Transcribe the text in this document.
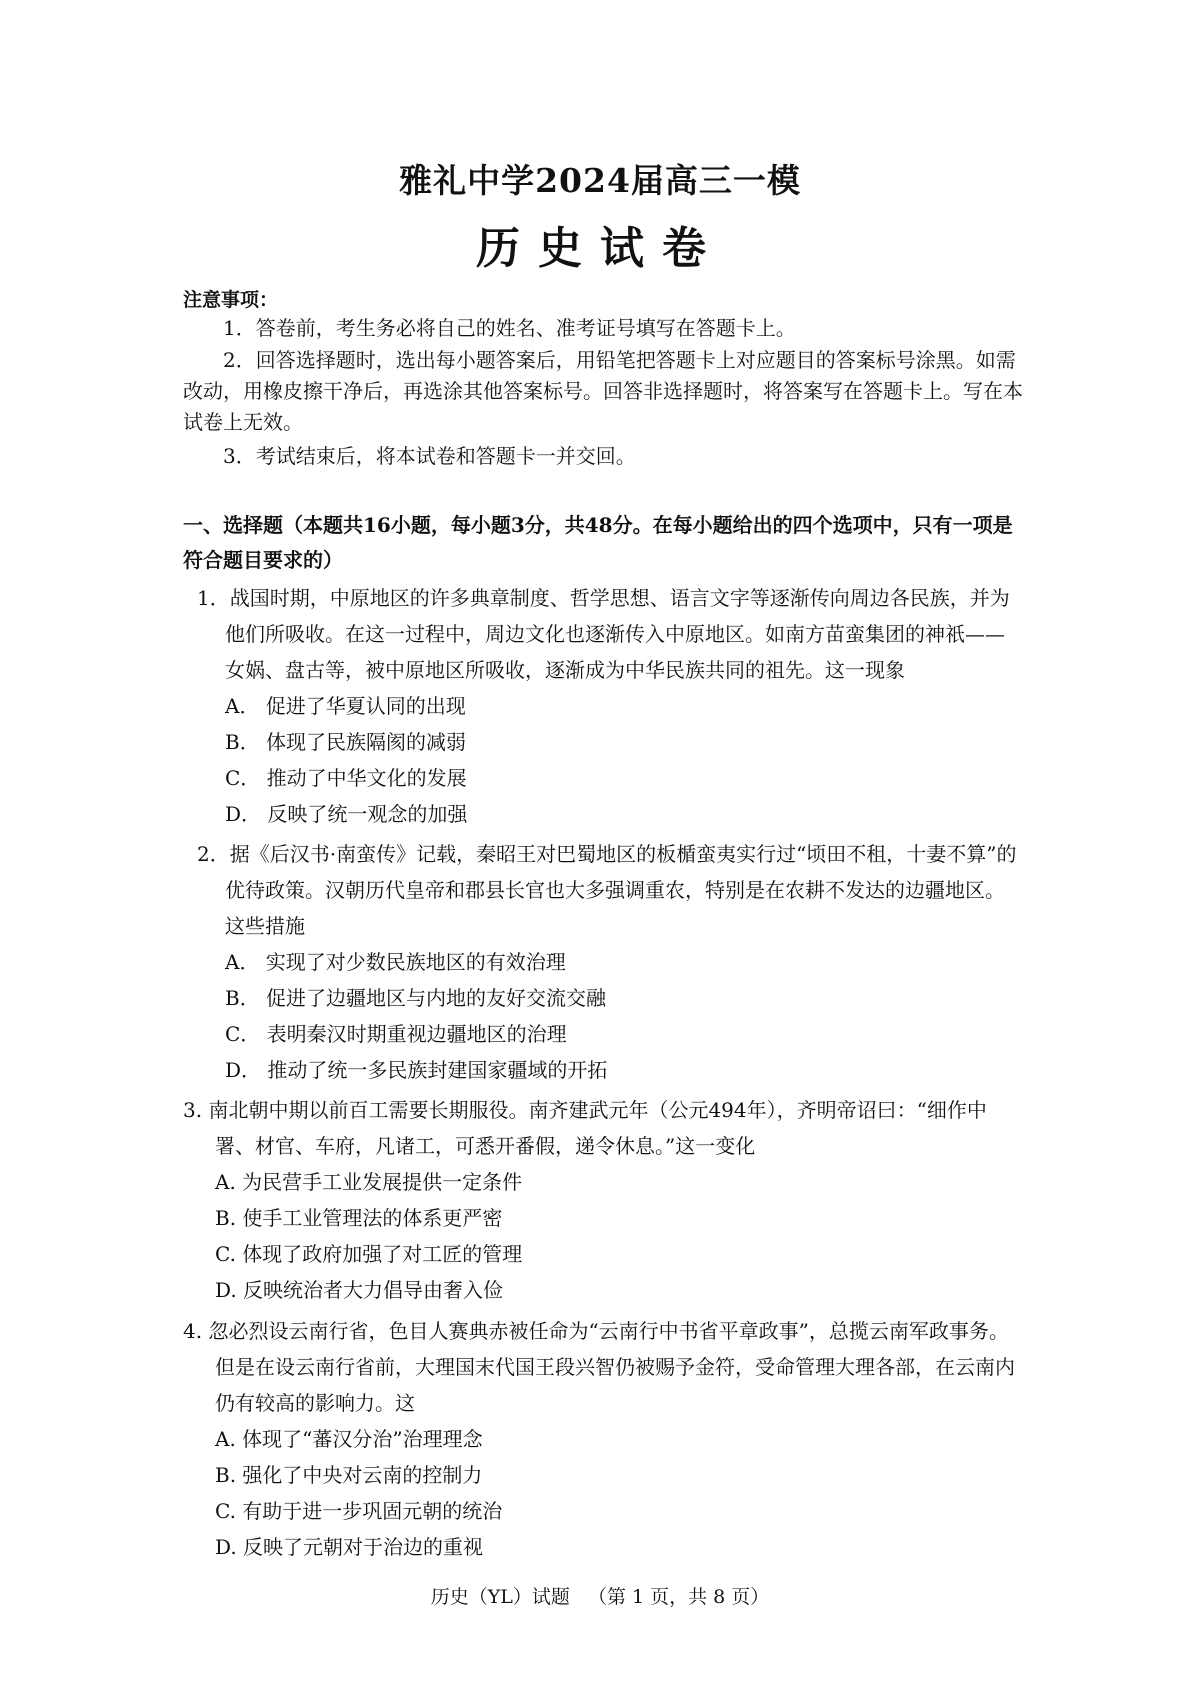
雅礼中学2024届高三一模
历史试卷
注意事项：
1．答卷前，考生务必将自己的姓名、准考证号填写在答题卡上。
2．回答选择题时，选出每小题答案后，用铅笔把答题卡上对应题目的答案标号涂黑。如需改动，用橡皮擦干净后，再选涂其他答案标号。回答非选择题时，将答案写在答题卡上。写在本试卷上无效。
3．考试结束后，将本试卷和答题卡一并交回。
一、选择题（本题共16小题，每小题3分，共48分。在每小题给出的四个选项中，只有一项是符合题目要求的）
1．战国时期，中原地区的许多典章制度、哲学思想、语言文字等逐渐传向周边各民族，并为他们所吸收。在这一过程中，周边文化也逐渐传入中原地区。如南方苗蛮集团的神祇——女娲、盘古等，被中原地区所吸收，逐渐成为中华民族共同的祖先。这一现象
A． 促进了华夏认同的出现
B． 体现了民族隔阂的减弱
C． 推动了中华文化的发展
D． 反映了统一观念的加强
2．据《后汉书·南蛮传》记载，秦昭王对巴蜀地区的板楯蛮夷实行过“顷田不租，十妻不算”的优待政策。汉朝历代皇帝和郡县长官也大多强调重农，特别是在农耕不发达的边疆地区。这些措施
A． 实现了对少数民族地区的有效治理
B． 促进了边疆地区与内地的友好交流交融
C． 表明秦汉时期重视边疆地区的治理
D． 推动了统一多民族封建国家疆域的开拓
3. 南北朝中期以前百工需要长期服役。南齐建武元年（公元494年），齐明帝诏曰：“细作中署、材官、车府，凡诸工，可悉开番假，递令休息。”这一变化
A. 为民营手工业发展提供一定条件
B. 使手工业管理法的体系更严密
C. 体现了政府加强了对工匠的管理
D. 反映统治者大力倡导由奢入俭
4. 忽必烈设云南行省，色目人赛典赤被任命为“云南行中书省平章政事”，总揽云南军政事务。但是在设云南行省前，大理国末代国王段兴智仍被赐予金符，受命管理大理各部，在云南内仍有较高的影响力。这
A. 体现了“蕃汉分治”治理理念
B. 强化了中央对云南的控制力
C. 有助于进一步巩固元朝的统治
D. 反映了元朝对于治边的重视
历史（YL）试题 （第 1 页，共 8 页）
